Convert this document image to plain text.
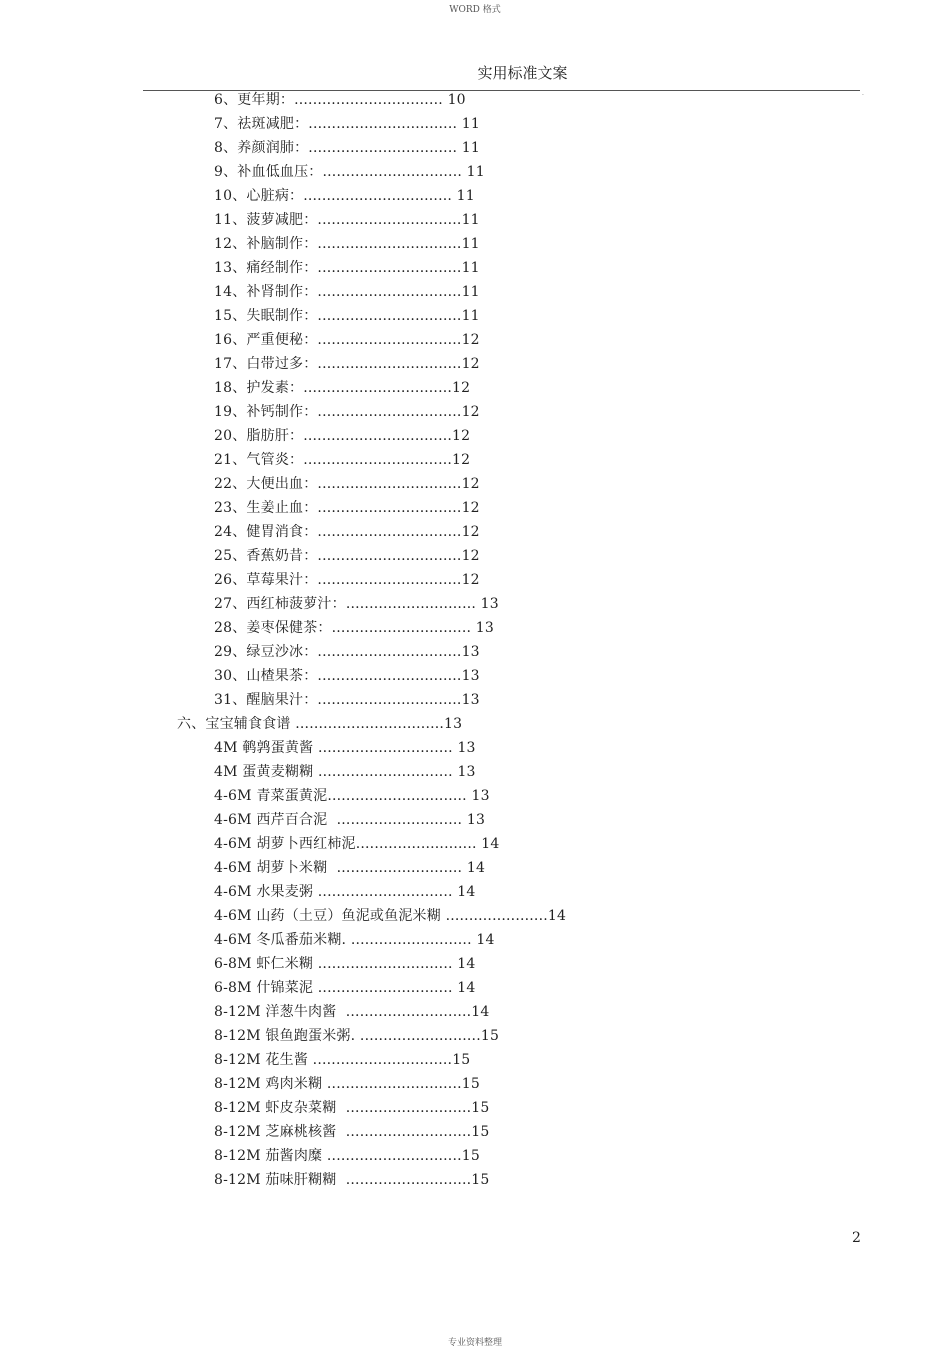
WORD 格式
实用标准文案
·
6、更年期：................................ 10
7、祛斑减肥：................................ 11
8、养颜润肺：................................ 11
9、补血低血压：.............................. 11
10、心脏病：................................ 11
11、菠萝减肥：...............................11
12、补脑制作：...............................11
13、痛经制作：...............................11
14、补肾制作：...............................11
15、失眠制作：...............................11
16、严重便秘：...............................12
17、白带过多：...............................12
18、护发素：................................12
19、补钙制作：...............................12
20、脂肪肝：................................12
21、气管炎：................................12
22、大便出血：...............................12
23、生姜止血：...............................12
24、健胃消食：...............................12
25、香蕉奶昔：...............................12
26、草莓果汁：...............................12
27、西红柿菠萝汁：............................ 13
28、姜枣保健茶：.............................. 13
29、绿豆沙冰：...............................13
30、山楂果茶：...............................13
31、醒脑果汁：...............................13
六、宝宝辅食食谱 ................................13
4M 鹌鹑蛋黄酱 ............................. 13
4M 蛋黄麦糊糊 ............................. 13
4-6M 青菜蛋黄泥.............................. 13
4-6M 西芹百合泥  ........................... 13
4-6M 胡萝卜西红柿泥.......................... 14
4-6M 胡萝卜米糊  ........................... 14
4-6M 水果麦粥 ............................. 14
4-6M 山药（土豆）鱼泥或鱼泥米糊 ......................14
4-6M 冬瓜番茄米糊. .......................... 14
6-8M 虾仁米糊 ............................. 14
6-8M 什锦菜泥 ............................. 14
8-12M 洋葱牛肉酱  ...........................14
8-12M 银鱼跑蛋米粥. ..........................15
8-12M 花生酱 ..............................15
8-12M 鸡肉米糊 .............................15
8-12M 虾皮杂菜糊  ...........................15
8-12M 芝麻桃核酱  ...........................15
8-12M 茄酱肉糜 .............................15
8-12M 茄味肝糊糊  ...........................15
2
专业资料整理
